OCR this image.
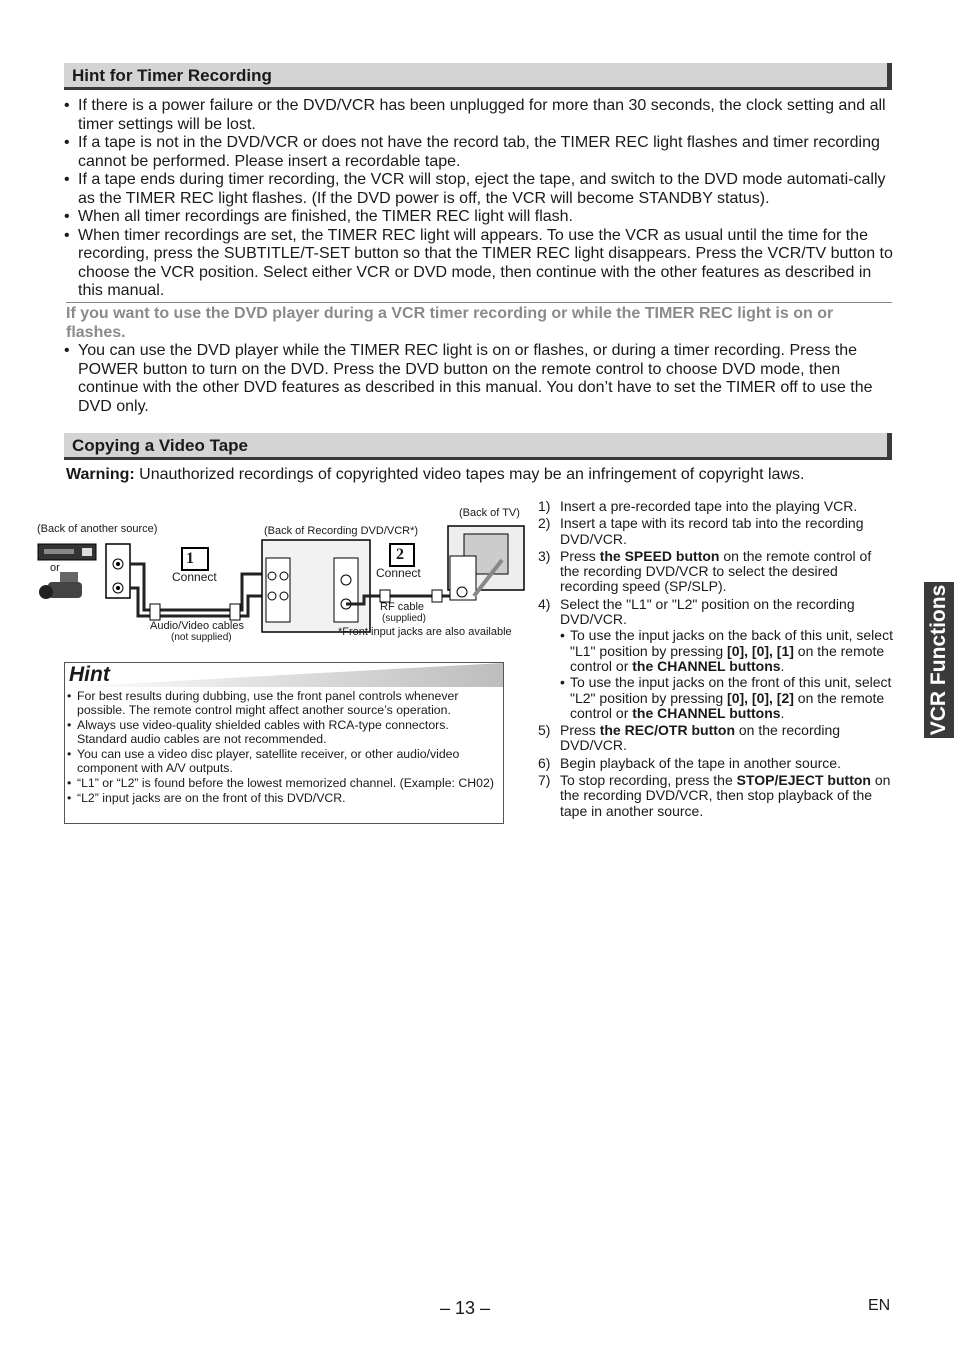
Hint for Timer Recording
• If there is a power failure or the DVD/VCR has been unplugged for more than 30 seconds, the clock setting and all timer settings will be lost.
• If a tape is not in the DVD/VCR or does not have the record tab, the TIMER REC light flashes and timer recording cannot be performed. Please insert a recordable tape.
• If a tape ends during timer recording, the VCR will stop, eject the tape, and switch to the DVD mode automati-cally as the TIMER REC light flashes. (If the DVD power is off, the VCR will become STANDBY status).
• When all timer recordings are finished, the TIMER REC light will flash.
• When timer recordings are set, the TIMER REC light will appears. To use the VCR as usual until the time for the recording, press the SUBTITLE/T-SET button so that the TIMER REC light disappears. Press the VCR/TV button to choose the VCR position. Select either VCR or DVD mode, then continue with the other features as described in this manual.
If you want to use the DVD player during a VCR timer recording or while the TIMER REC light is on or flashes.
• You can use the DVD player while the TIMER REC light is on or flashes, or during a timer recording. Press the POWER button to turn on the DVD. Press the DVD button on the remote control to choose DVD mode, then continue with the other DVD features as described in this manual. You don’t have to set the TIMER off to use the DVD only.
Copying a Video Tape
Warning: Unauthorized recordings of copyrighted video tapes may be an infringement of copyright laws.
(Back of another source)	(Back of Recording DVD/VCR*)
(Back of TV)
or
1	2
Connect	Connect
Audio/Video cables
(not supplied)
RF cable
(supplied)
*Front input jacks are also available
Hint
• For best results during dubbing, use the front panel controls whenever possible. The remote control might affect another source’s operation.
• Always use video-quality shielded cables with RCA-type connectors. Standard audio cables are not recommended.
• You can use a video disc player, satellite receiver, or other audio/video component with A/V outputs.
• “L1” or “L2” is found before the lowest memorized channel. (Example: CH02)
• “L2” input jacks are on the front of this DVD/VCR.
1) Insert a pre-recorded tape into the playing VCR.
2) Insert a tape with its record tab into the recording DVD/VCR.
3) Press the SPEED button on the remote control of the recording DVD/VCR to select the desired recording speed (SP/SLP).
4) Select the "L1" or "L2" position on the recording DVD/VCR.
• To use the input jacks on the back of this unit, select "L1" position by pressing [0], [0], [1] on the remote control or the CHANNEL buttons.
• To use the input jacks on the front of this unit, select "L2" position by pressing [0], [0], [2] on the remote control or the CHANNEL buttons.
5) Press the REC/OTR button on the recording DVD/VCR.
6) Begin playback of the tape in another source.
7) To stop recording, press the STOP/EJECT button on the recording DVD/VCR, then stop playback of the tape in another source.
VCR Functions
– 13 –	EN
